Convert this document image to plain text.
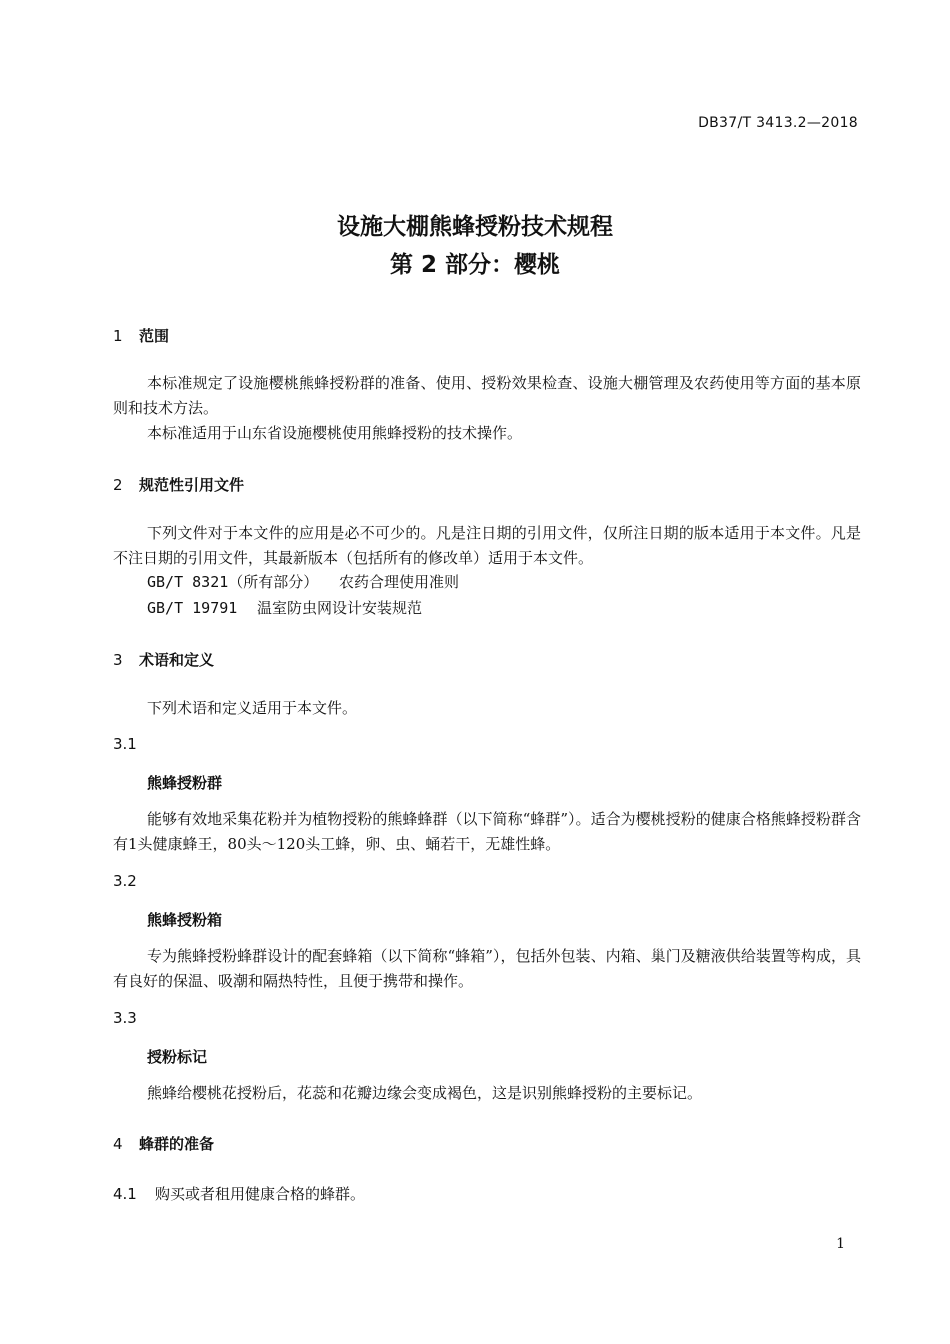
DB37/T 3413.2—2018
设施大棚熊蜂授粉技术规程
第 2 部分：樱桃
1 范围
本标准规定了设施樱桃熊蜂授粉群的准备、使用、授粉效果检查、设施大棚管理及农药使用等方面的基本原则和技术方法。
本标准适用于山东省设施樱桃使用熊蜂授粉的技术操作。
2 规范性引用文件
下列文件对于本文件的应用是必不可少的。凡是注日期的引用文件，仅所注日期的版本适用于本文件。凡是不注日期的引用文件，其最新版本（包括所有的修改单）适用于本文件。
GB/T 8321（所有部分） 农药合理使用准则
GB/T 19791 温室防虫网设计安装规范
3 术语和定义
下列术语和定义适用于本文件。
3.1
熊蜂授粉群
能够有效地采集花粉并为植物授粉的熊蜂蜂群（以下简称“蜂群”）。适合为樱桃授粉的健康合格熊蜂授粉群含有1头健康蜂王，80头～120头工蜂，卵、虫、蛹若干，无雄性蜂。
3.2
熊蜂授粉箱
专为熊蜂授粉蜂群设计的配套蜂箱（以下简称“蜂箱”），包括外包装、内箱、巢门及糖液供给装置等构成，具有良好的保温、吸潮和隔热特性，且便于携带和操作。
3.3
授粉标记
熊蜂给樱桃花授粉后，花蕊和花瓣边缘会变成褐色，这是识别熊蜂授粉的主要标记。
4 蜂群的准备
4.1 购买或者租用健康合格的蜂群。
1
